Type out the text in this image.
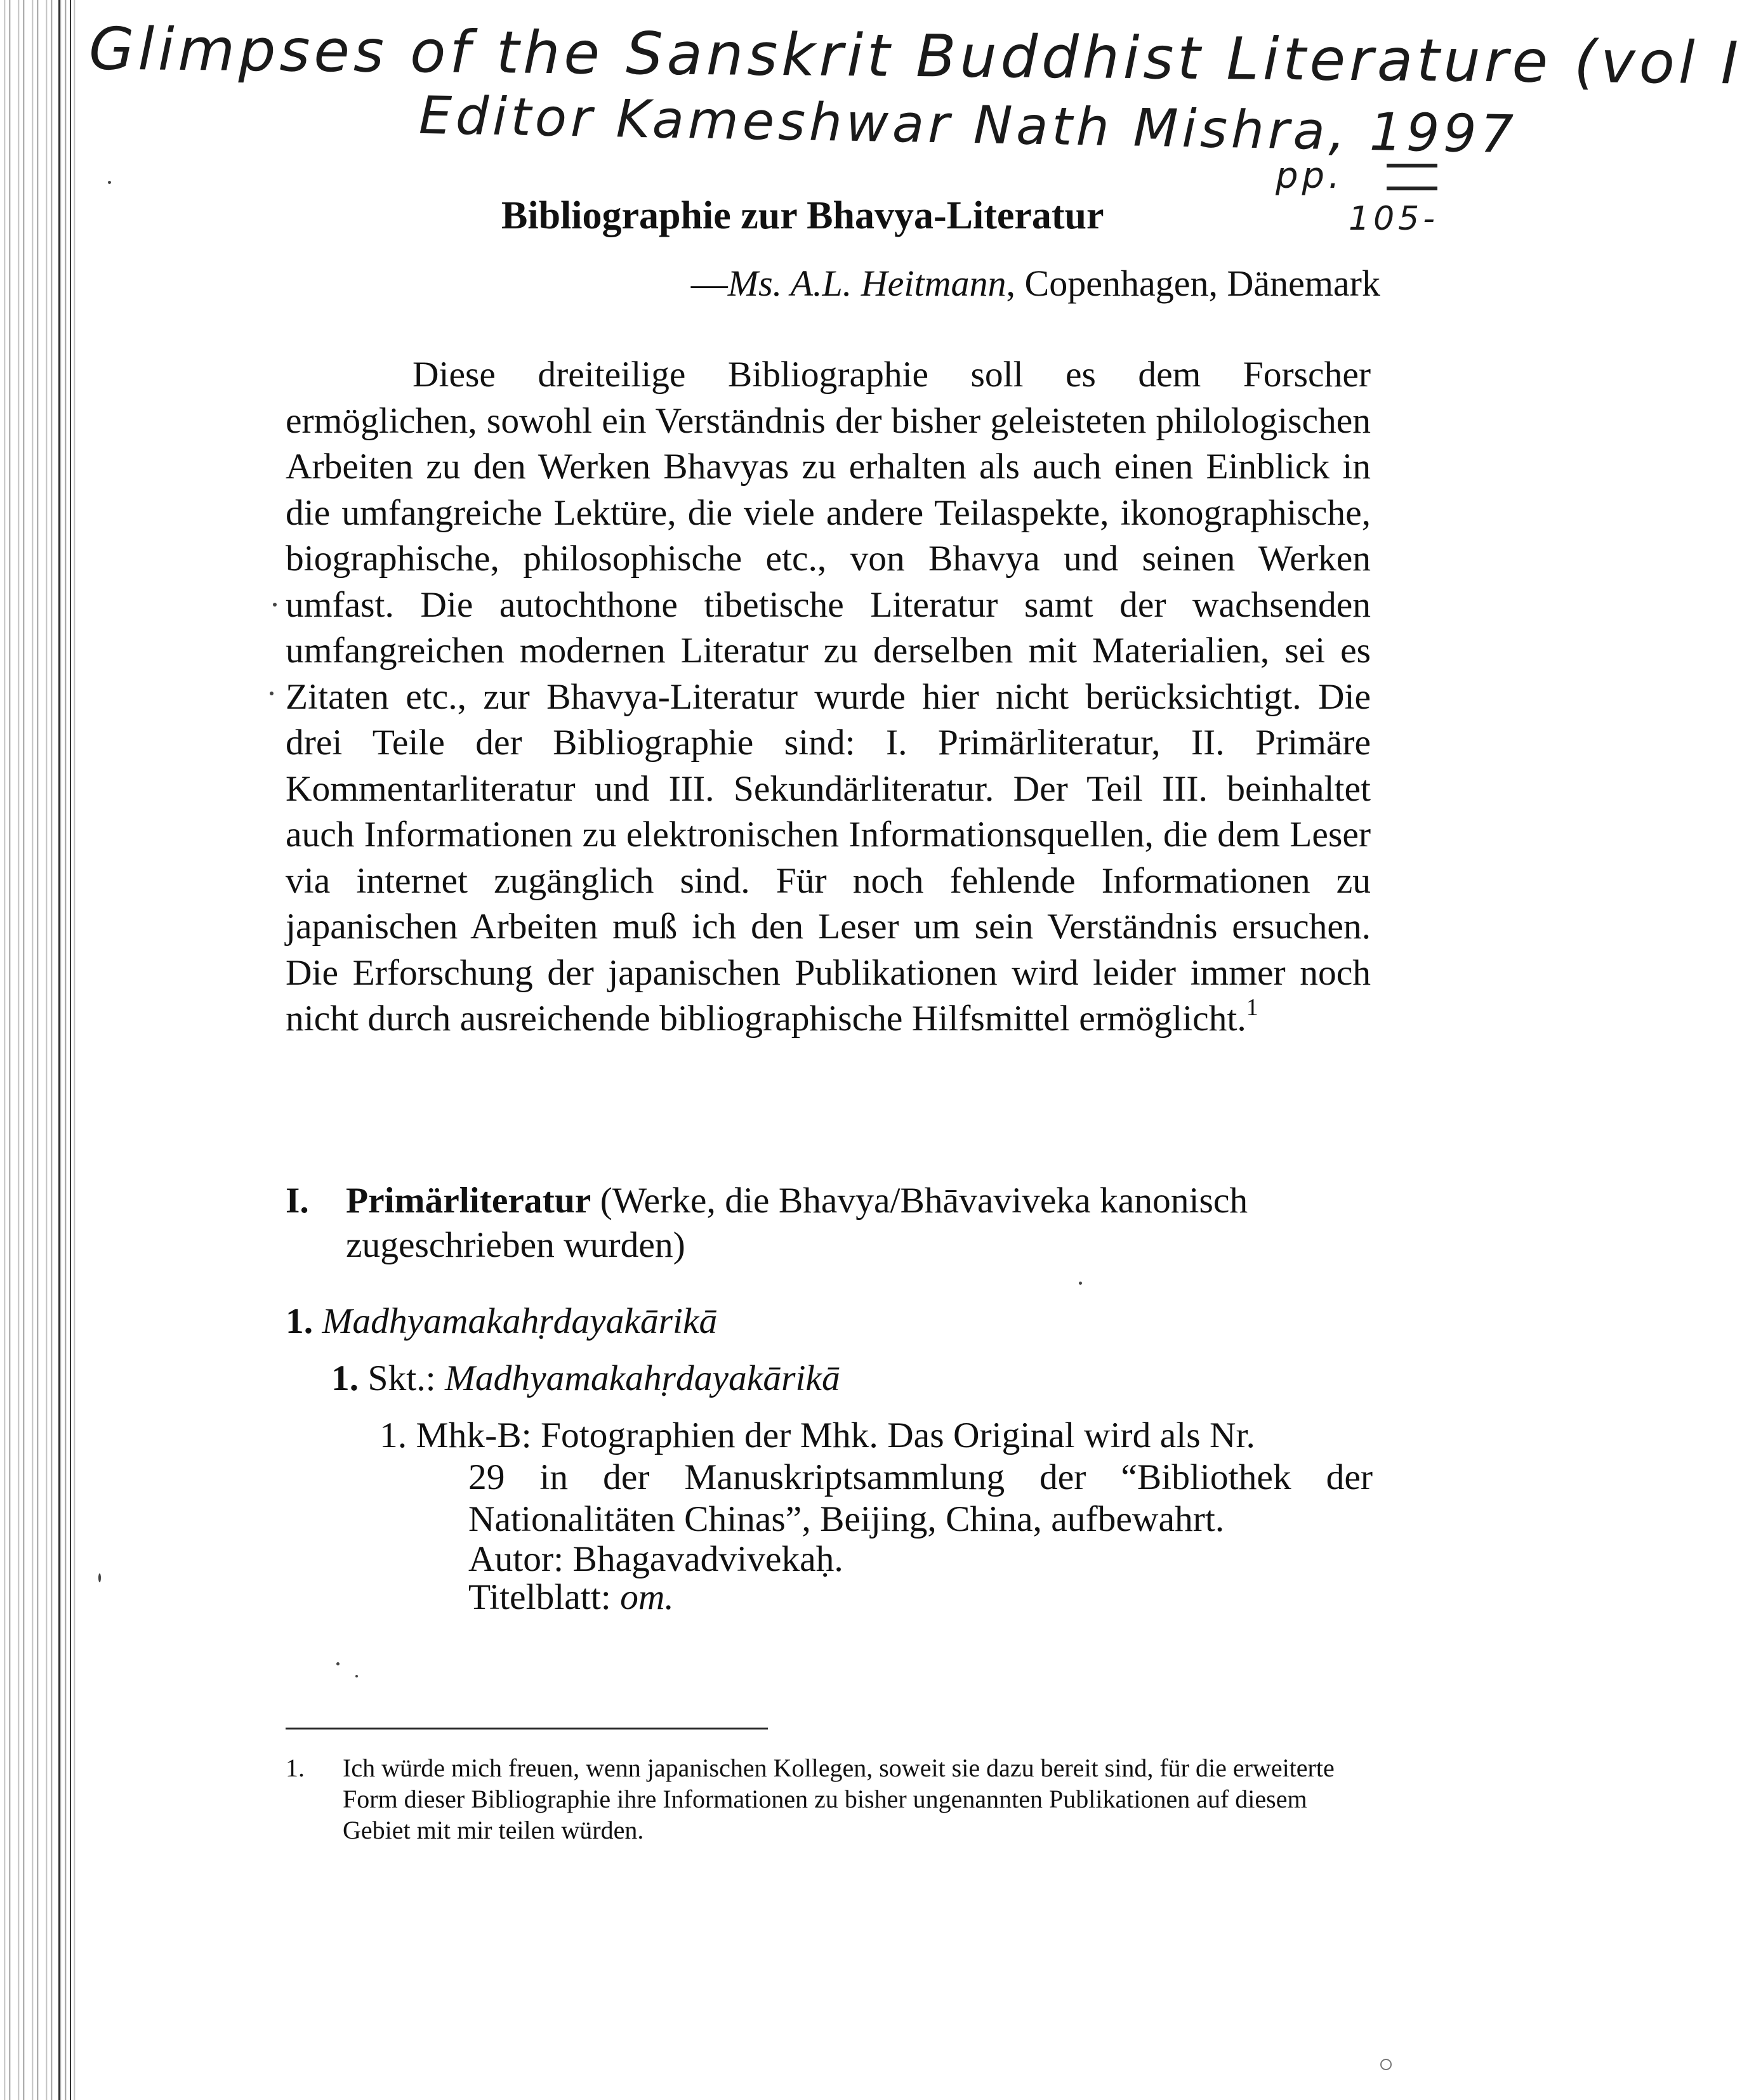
Glimpses of the Sanskrit Buddhist Literature (vol I
Editor Kameshwar Nath Mishra, 1997
pp.
105-
Bibliographie zur Bhavya-Literatur
—Ms. A.L. Heitmann, Copenhagen, Dänemark

Diese dreiteilige Bibliographie soll es dem Forscher ermöglichen, sowohl ein Verständnis der bisher geleisteten philologischen Arbeiten zu den Werken Bhavyas zu erhalten als auch einen Einblick in die umfangreiche Lektüre, die viele andere Teilaspekte, ikonographische, biographische, philosophische etc., von Bhavya und seinen Werken umfast. Die autochthone tibetische Literatur samt der wachsenden umfangreichen modernen Literatur zu derselben mit Materialien, sei es Zitaten etc., zur Bhavya-Literatur wurde hier nicht berücksichtigt. Die drei Teile der Bibliographie sind: I. Primärliteratur, II. Primäre Kommentarliteratur und III. Sekundärliteratur. Der Teil III. beinhaltet auch Informationen zu elektronischen Informationsquellen, die dem Leser via internet zugänglich sind. Für noch fehlende Informationen zu japanischen Arbeiten muß ich den Leser um sein Verständnis ersuchen. Die Erforschung der japanischen Publikationen wird leider immer noch nicht durch ausreichende bibliographische Hilfsmittel ermöglicht.$^1$

I. Primärliteratur (Werke, die Bhavya/Bhāvaviveka kanonisch zugeschrieben wurden)
1. Madhyamakahṛdayakārikā
1. Skt.: Madhyamakahṛdayakārikā
1. Mhk-B: Fotographien der Mhk. Das Original wird als Nr.
29 in der Manuskriptsammlung der “Bibliothek der Nationalitäten Chinas”, Beijing, China, aufbewahrt.
Autor: Bhagavadvivekaḥ.
Titelblatt: om.
1. Ich würde mich freuen, wenn japanischen Kollegen, soweit sie dazu bereit sind, für die erweiterte Form dieser Bibliographie ihre Informationen zu bisher ungenannten Publikationen auf diesem Gebiet mit mir teilen würden.
